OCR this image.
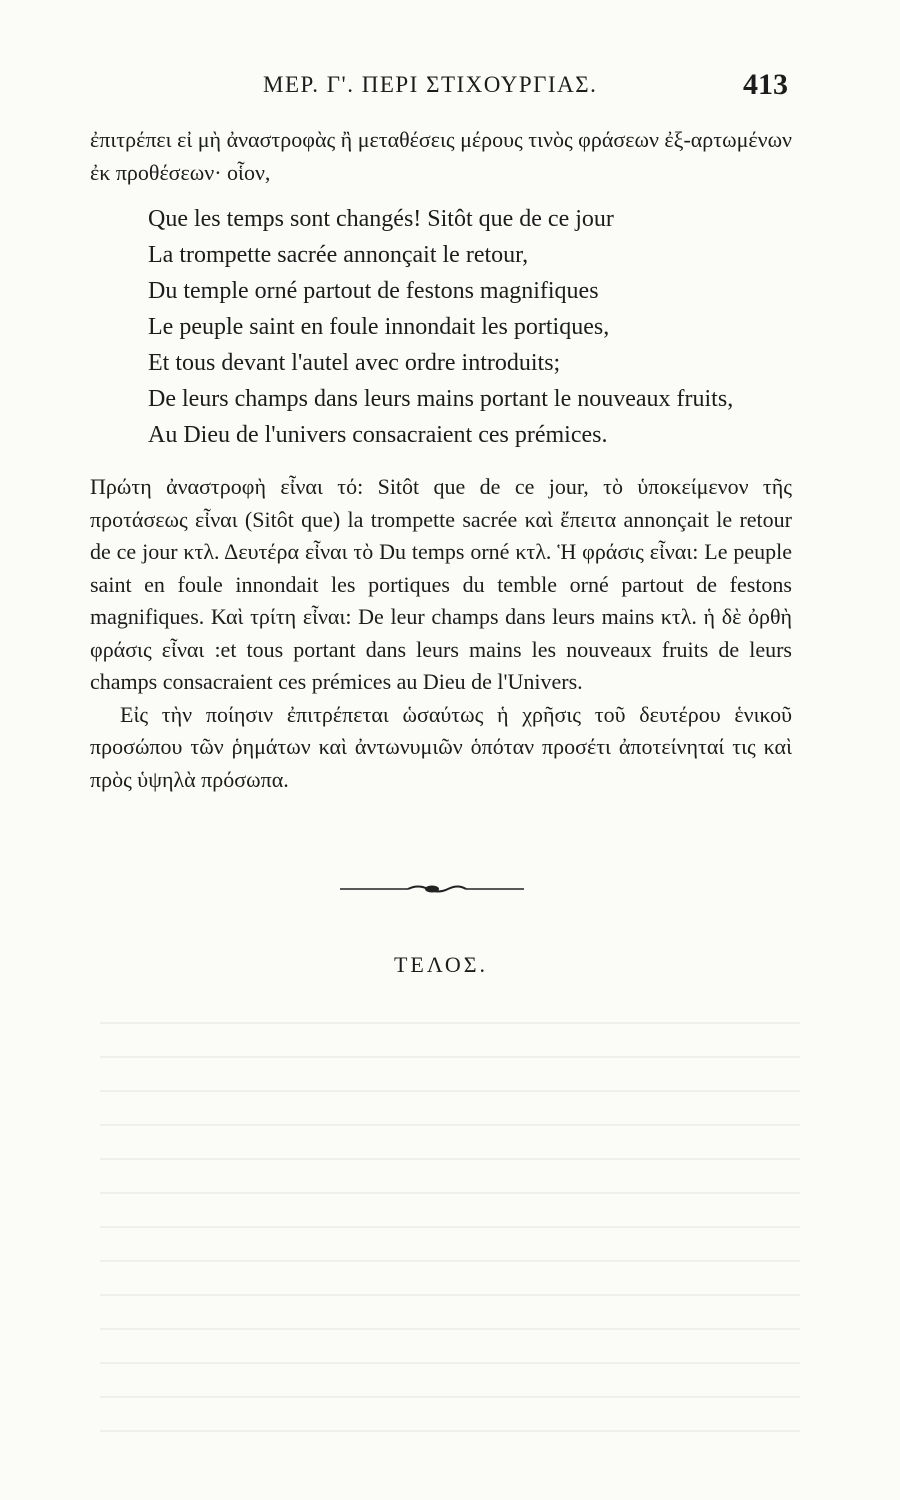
ΜΕΡ. Γ'. ΠΕΡΙ ΣΤΙΧΟΥΡΓΙΑΣ.	413

ἐπιτρέπει εἰ μὴ ἀναστροφὰς ἢ μεταθέσεις μέρους τινὸς φράσεων ἐξ-αρτωμένων ἐκ προθέσεων· οἷον,

Que les temps sont changés! Sitôt que de ce jour
La trompette sacrée annonçait le retour,
Du temple orné partout de festons magnifiques
Le peuple saint en foule innondait les portiques,
Et tous devant l'autel avec ordre introduits;
De leurs champs dans leurs mains portant le nouveaux fruits,
Au Dieu de l'univers consacraient ces prémices.

Πρώτη ἀναστροφὴ εἶναι τό: Sitôt que de ce jour, τὸ ὑποκείμενον τῆς προτάσεως εἶναι (Sitôt que) la trompette sacrée καὶ ἔπειτα annonçait le retour de ce jour κτλ. Δευτέρα εἶναι τὸ Du temps orné κτλ. Ἡ φράσις εἶναι: Le peuple saint en foule innondait les portiques du temble orné partout de festons magnifiques. Καὶ τρίτη εἶναι: De leur champs dans leurs mains κτλ. ἡ δὲ ὀρθὴ φράσις εἶναι :et tous portant dans leurs mains les nouveaux fruits de leurs champs consacraient ces prémices au Dieu de l'Univers.

Εἰς τὴν ποίησιν ἐπιτρέπεται ὡσαύτως ἡ χρῆσις τοῦ δευτέρου ἑνικοῦ προσώπου τῶν ῥημάτων καὶ ἀντωνυμιῶν ὁπόταν προσέτι ἀποτείνηταί τις καὶ πρὸς ὑψηλὰ πρόσωπα.

ΤΕΛΟΣ.
